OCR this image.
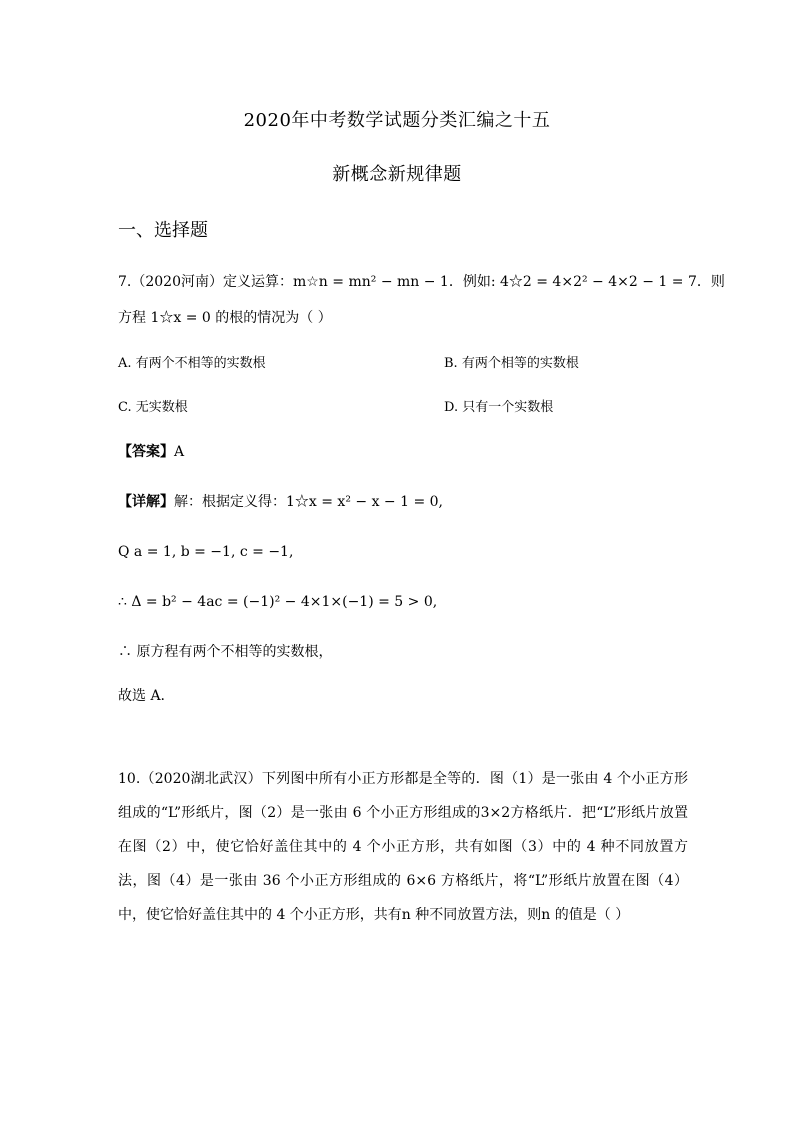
2020年中考数学试题分类汇编之十五
新概念新规律题
一、选择题
7.（2020河南）定义运算：m☆n = mn² − mn − 1．例如: 4☆2 = 4×2² − 4×2 − 1 = 7．则
方程 1☆x = 0 的根的情况为（ ）
A. 有两个不相等的实数根	B. 有两个相等的实数根
C. 无实数根	D. 只有一个实数根
【答案】A
【详解】解：根据定义得：1☆x = x² − x − 1 = 0,
Q a = 1, b = −1, c = −1,
∴ Δ = b² − 4ac = (−1)² − 4×1×(−1) = 5 > 0,
∴ 原方程有两个不相等的实数根，
故选 A.
10.（2020湖北武汉）下列图中所有小正方形都是全等的．图（1）是一张由 4 个小正方形组成的“L”形纸片，图（2）是一张由 6 个小正方形组成的3×2方格纸片．把“L”形纸片放置在图（2）中，使它恰好盖住其中的 4 个小正方形，共有如图（3）中的 4 种不同放置方法，图（4）是一张由 36 个小正方形组成的 6×6 方格纸片，将“L”形纸片放置在图（4）中，使它恰好盖住其中的 4 个小正方形，共有n 种不同放置方法，则n 的值是（ ）
